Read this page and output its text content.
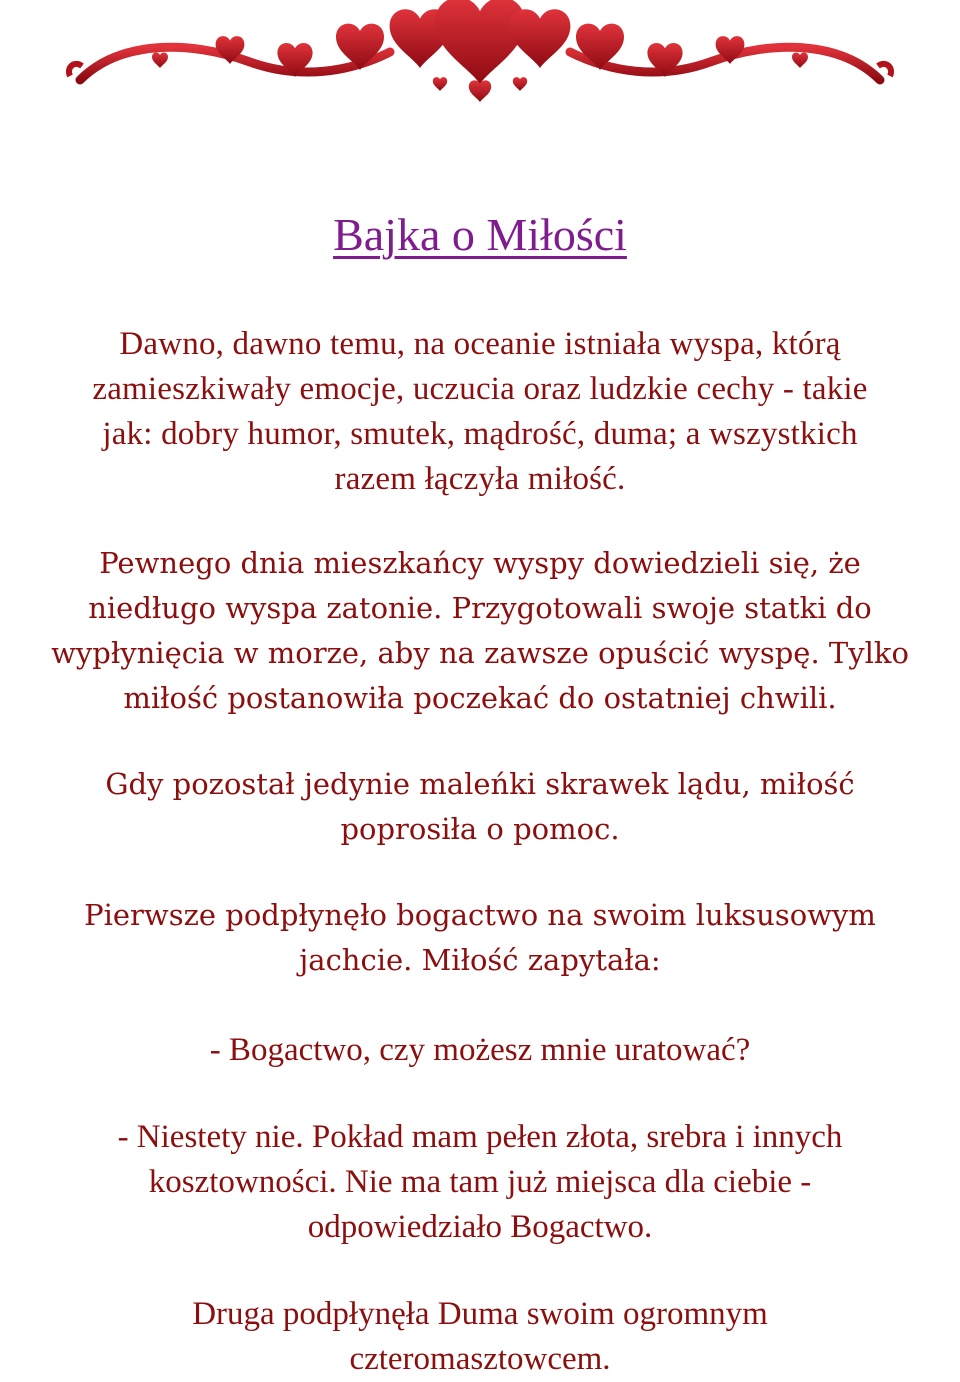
Bajka o Miłości

Dawno, dawno temu, na oceanie istniała wyspa, którą
zamieszkiwały emocje, uczucia oraz ludzkie cechy - takie
jak: dobry humor, smutek, mądrość, duma; a wszystkich
razem łączyła miłość.

Pewnego dnia mieszkańcy wyspy dowiedzieli się, że
niedługo wyspa zatonie. Przygotowali swoje statki do
wypłynięcia w morze, aby na zawsze opuścić wyspę. Tylko
miłość postanowiła poczekać do ostatniej chwili.

Gdy pozostał jedynie maleńki skrawek lądu, miłość
poprosiła o pomoc.

Pierwsze podpłynęło bogactwo na swoim luksusowym
jachcie. Miłość zapytała:

- Bogactwo, czy możesz mnie uratować?

- Niestety nie. Pokład mam pełen złota, srebra i innych
kosztowności. Nie ma tam już miejsca dla ciebie -
odpowiedziało Bogactwo.

Druga podpłynęła Duma swoim ogromnym
czteromasztowcem.
